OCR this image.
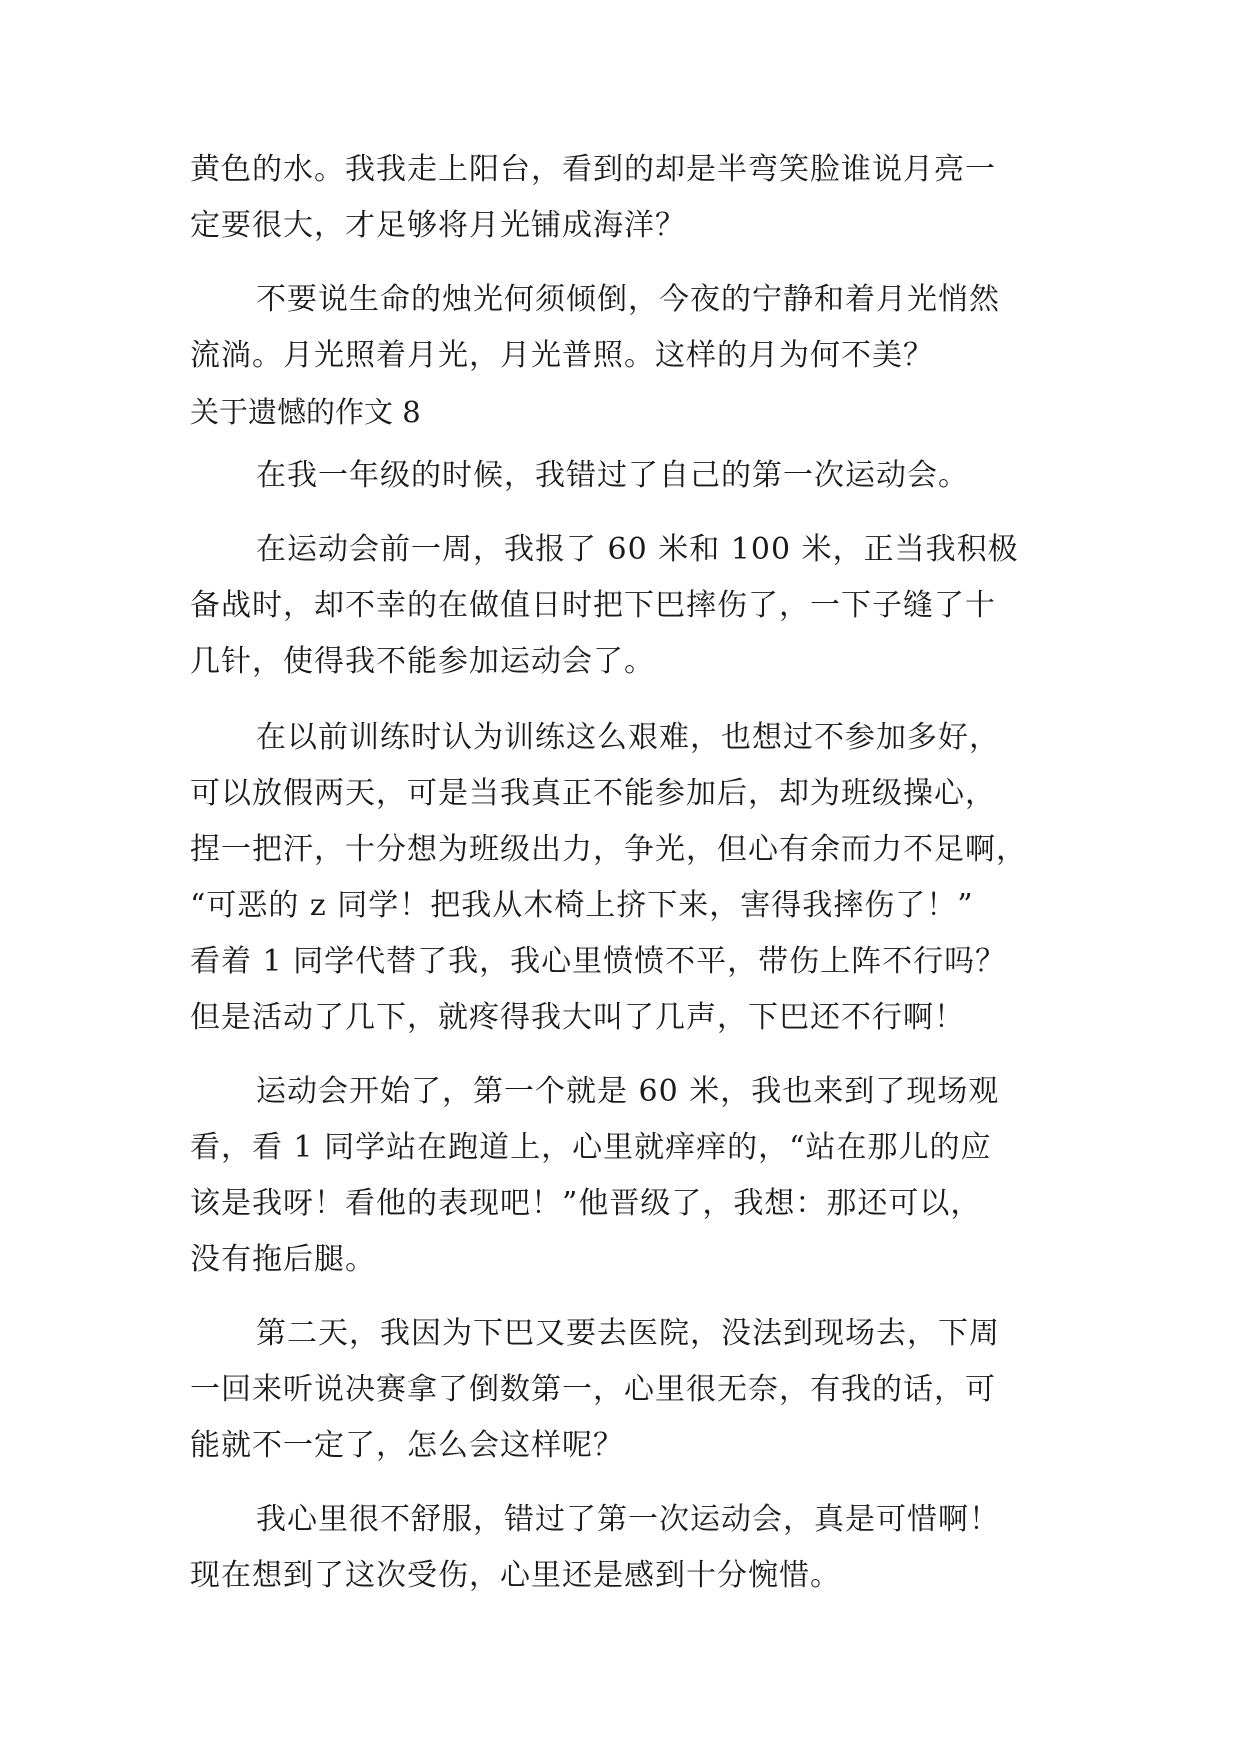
黄色的水。我我走上阳台，看到的却是半弯笑脸谁说月亮一
定要很大，才足够将月光铺成海洋？
不要说生命的烛光何须倾倒，今夜的宁静和着月光悄然
流淌。月光照着月光，月光普照。这样的月为何不美？
关于遗憾的作文 8
在我一年级的时候，我错过了自己的第一次运动会。
在运动会前一周，我报了 60 米和 100 米，正当我积极
备战时，却不幸的在做值日时把下巴摔伤了，一下子缝了十
几针，使得我不能参加运动会了。
在以前训练时认为训练这么艰难，也想过不参加多好，
可以放假两天，可是当我真正不能参加后，却为班级操心，
捏一把汗，十分想为班级出力，争光，但心有余而力不足啊，
“可恶的 z 同学！把我从木椅上挤下来，害得我摔伤了！”
看着 1 同学代替了我，我心里愤愤不平，带伤上阵不行吗？
但是活动了几下，就疼得我大叫了几声，下巴还不行啊！
运动会开始了，第一个就是 60 米，我也来到了现场观
看，看 1 同学站在跑道上，心里就痒痒的，“站在那儿的应
该是我呀！看他的表现吧！”他晋级了，我想：那还可以，
没有拖后腿。
第二天，我因为下巴又要去医院，没法到现场去，下周
一回来听说决赛拿了倒数第一，心里很无奈，有我的话，可
能就不一定了，怎么会这样呢？
我心里很不舒服，错过了第一次运动会，真是可惜啊！
现在想到了这次受伤，心里还是感到十分惋惜。
